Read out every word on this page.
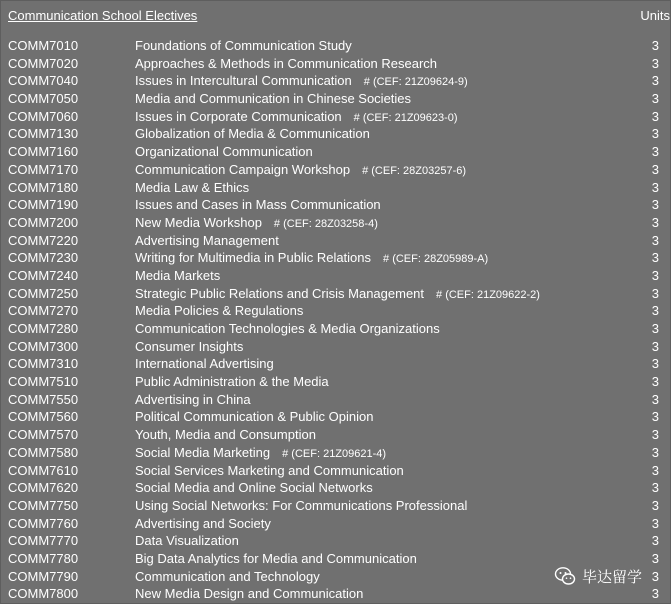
Communication School Electives	Units
COMM7010	Foundations of Communication Study	3
COMM7020	Approaches & Methods in Communication Research	3
COMM7040	Issues in Intercultural Communication # (CEF: 21Z09624-9)	3
COMM7050	Media and Communication in Chinese Societies	3
COMM7060	Issues in Corporate Communication # (CEF: 21Z09623-0)	3
COMM7130	Globalization of Media & Communication	3
COMM7160	Organizational Communication	3
COMM7170	Communication Campaign Workshop # (CEF: 28Z03257-6)	3
COMM7180	Media Law & Ethics	3
COMM7190	Issues and Cases in Mass Communication	3
COMM7200	New Media Workshop # (CEF: 28Z03258-4)	3
COMM7220	Advertising Management	3
COMM7230	Writing for Multimedia in Public Relations # (CEF: 28Z05989-A)	3
COMM7240	Media Markets	3
COMM7250	Strategic Public Relations and Crisis Management # (CEF: 21Z09622-2)	3
COMM7270	Media Policies & Regulations	3
COMM7280	Communication Technologies & Media Organizations	3
COMM7300	Consumer Insights	3
COMM7310	International Advertising	3
COMM7510	Public Administration & the Media	3
COMM7550	Advertising in China	3
COMM7560	Political Communication & Public Opinion	3
COMM7570	Youth, Media and Consumption	3
COMM7580	Social Media Marketing # (CEF: 21Z09621-4)	3
COMM7610	Social Services Marketing and Communication	3
COMM7620	Social Media and Online Social Networks	3
COMM7750	Using Social Networks: For Communications Professional	3
COMM7760	Advertising and Society	3
COMM7770	Data Visualization	3
COMM7780	Big Data Analytics for Media and Communication	3
COMM7790	Communication and Technology	3
COMM7800	New Media Design and Communication	3
毕达留学
